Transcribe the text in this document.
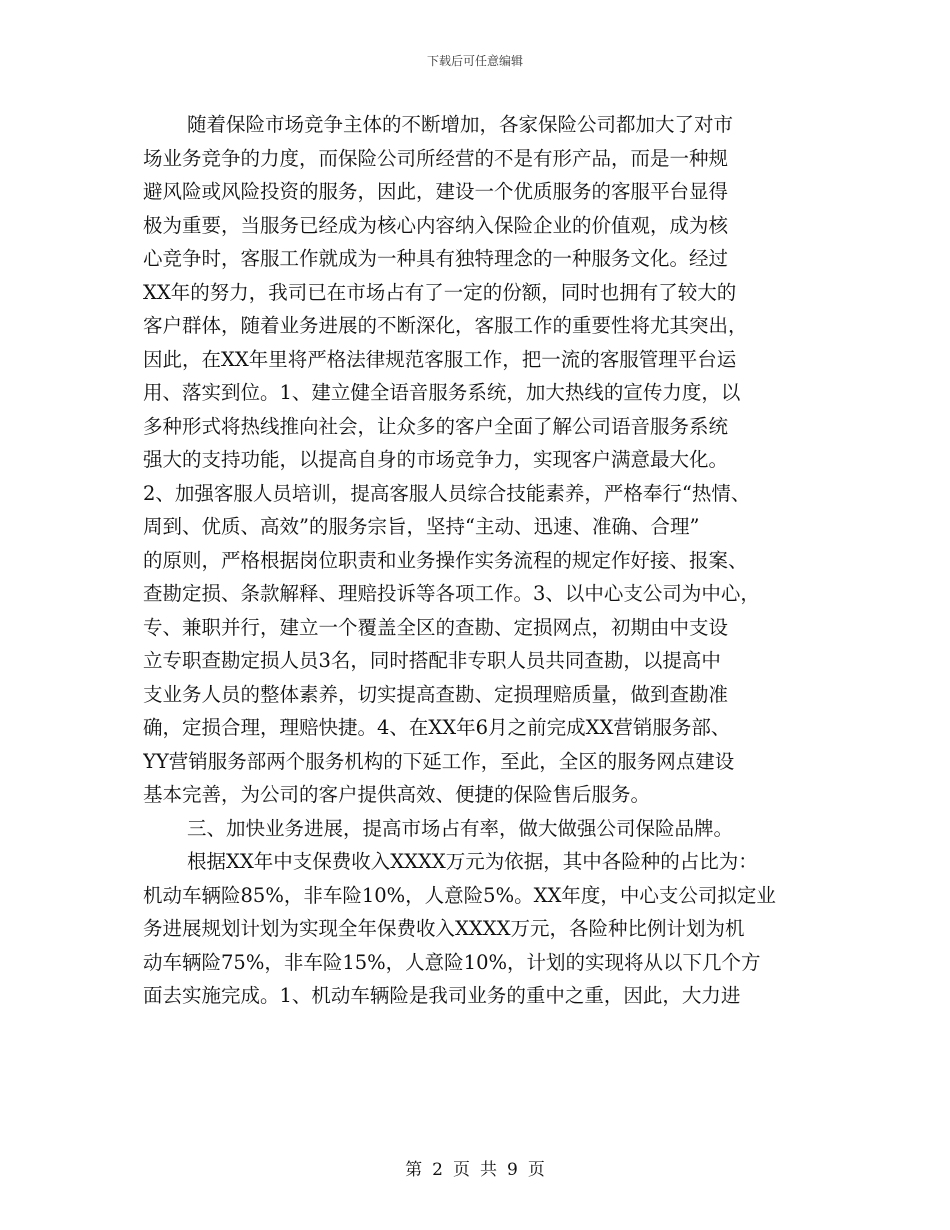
下载后可任意编辑
随着保险市场竞争主体的不断增加，各家保险公司都加大了对市
场业务竞争的力度，而保险公司所经营的不是有形产品，而是一种规
避风险或风险投资的服务，因此，建设一个优质服务的客服平台显得
极为重要，当服务已经成为核心内容纳入保险企业的价值观，成为核
心竞争时，客服工作就成为一种具有独特理念的一种服务文化。经过
XX年的努力，我司已在市场占有了一定的份额，同时也拥有了较大的
客户群体，随着业务进展的不断深化，客服工作的重要性将尤其突出，
因此，在XX年里将严格法律规范客服工作，把一流的客服管理平台运
用、落实到位。1、建立健全语音服务系统，加大热线的宣传力度，以
多种形式将热线推向社会，让众多的客户全面了解公司语音服务系统
强大的支持功能，以提高自身的市场竞争力，实现客户满意最大化。
2、加强客服人员培训，提高客服人员综合技能素养，严格奉行“热情、
周到、优质、高效”的服务宗旨，坚持“主动、迅速、准确、合理”
的原则，严格根据岗位职责和业务操作实务流程的规定作好接、报案、
查勘定损、条款解释、理赔投诉等各项工作。3、以中心支公司为中心，
专、兼职并行，建立一个覆盖全区的查勘、定损网点，初期由中支设
立专职查勘定损人员3名，同时搭配非专职人员共同查勘，以提高中
支业务人员的整体素养，切实提高查勘、定损理赔质量，做到查勘准
确，定损合理，理赔快捷。4、在XX年6月之前完成XX营销服务部、
YY营销服务部两个服务机构的下延工作，至此，全区的服务网点建设
基本完善，为公司的客户提供高效、便捷的保险售后服务。
三、加快业务进展，提高市场占有率，做大做强公司保险品牌。
根据XX年中支保费收入XXXX万元为依据，其中各险种的占比为：
机动车辆险85%，非车险10%，人意险5%。XX年度，中心支公司拟定业
务进展规划计划为实现全年保费收入XXXX万元，各险种比例计划为机
动车辆险75%，非车险15%，人意险10%，计划的实现将从以下几个方
面去实施完成。1、机动车辆险是我司业务的重中之重，因此，大力进
第 2 页 共 9 页
